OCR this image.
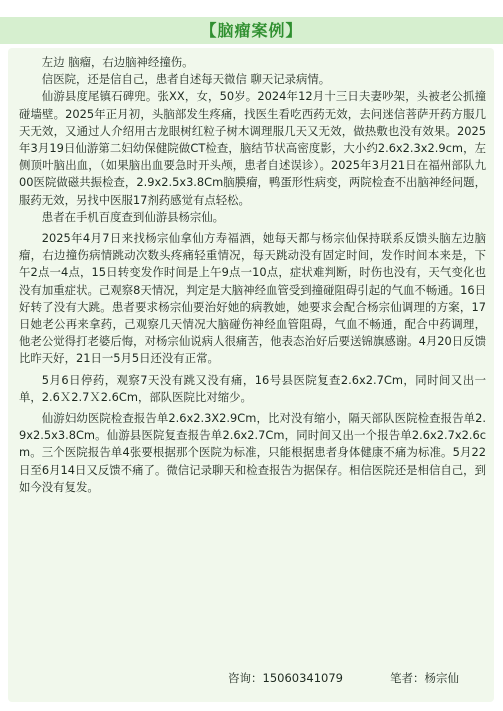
【脑瘤案例】

左边 脑瘤，右边脑神经撞伤。

信医院，还是信自己，患者自述每天微信 聊天记录病情。

仙游县度尾镇石碑兜。张ⅩⅩ，女，50岁。2024年12月十三日夫妻吵架，头被老公抓撞碰墙壁。2025年正月初，头脑部发生疼痛，找医生看吃西药无效，去问迷信菩萨开药方服几天无效，又通过人介绍用古龙眼树红粒子树木调理服几天又无效，做热敷也没有效果。2025年3月19日仙游第二妇幼保健院做CT检查，脑结节状高密度影，大小约2.6x2.3x2.9cm，左侧顶叶脑出血，（如果脑出血要急时开头颅，患者自述误诊）。2025年3月21日在福州部队九00医院做磁共振检查，2.9x2.5x3.8Cm脑膜瘤，鸭蛋形性病变，两院检查不出脑神经问题，服药无效，另找中医服17剂药感觉有点轻松。

患者在手机百度查到仙游县杨宗仙。

2025年4月7日来找杨宗仙拿仙方寿福酒，她每天都与杨宗仙保持联系反馈头脑左边脑瘤，右边撞伤病情跳动次数头疼痛轻重情况，每天跳动没有固定时间，发作时间本来是，下午2点一4点，15日转变发作时间是上午9点一10点，症状难判断，时伤也没有，天气变化也没有加重症状。己观察8天情况，判定是大脑神经血管受到撞碰阻碍引起的气血不畅通。16日好转了没有大跳。患者要求杨宗仙要治好她的病教她，她要求会配合杨宗仙调理的方案，17日她老公再来拿药，己观察几天情况大脑碰伤神经血管阻碍，气血不畅通，配合中药调理，他老公觉得打老婆后悔，对杨宗仙说病人很痛苦，他表态治好后要送锦旗感谢。4月20日反馈比昨天好，21日一5月5日还没有正常。

5月6日停药，观察7天没有跳又没有痛，16号县医院复查2.6x2.7Cm，同时间又出一单，2.6Ｘ2.7Ｘ2.6Cm，部队医院比对缩少。

仙游妇幼医院检查报告单2.6x2.3X2.9Cm，比对没有缩小，隔天部队医院检查报告单2.9x2.5x3.8Cm。仙游县医院复查报告单2.6x2.7Cm，同时间又出一个报告单2.6x2.7x2.6cm。三个医院报告单4张要根据那个医院为标准，只能根据患者身体健康不痛为标准。5月22日至6月14日又反馈不痛了。微信记录聊天和检查报告为据保存。相信医院还是相信自己，到如今没有复发。

咨询：15060341079	笔者：杨宗仙
